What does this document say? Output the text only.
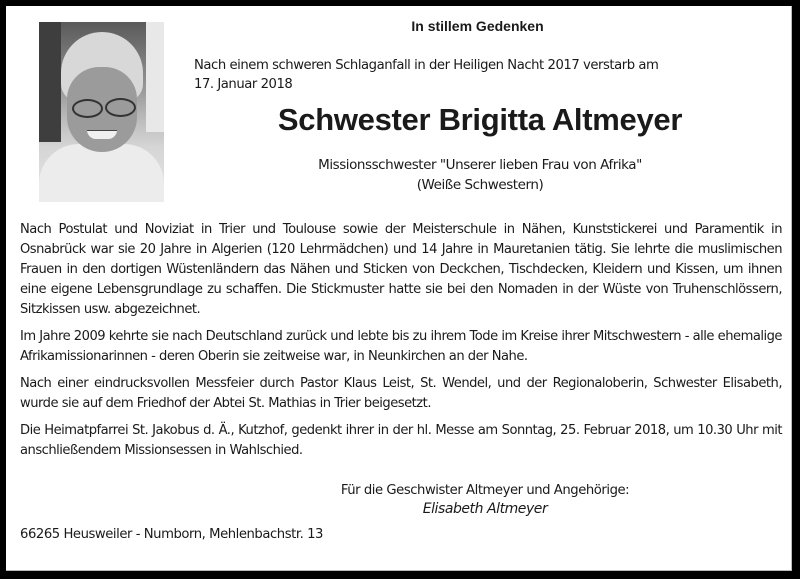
In stillem Gedenken
Nach einem schweren Schlaganfall in der Heiligen Nacht 2017 verstarb am
17. Januar 2018
Schwester Brigitta Altmeyer
Missionsschwester "Unserer lieben Frau von Afrika"
(Weiße Schwestern)

Nach Postulat und Noviziat in Trier und Toulouse sowie der Meisterschule in Nähen, Kunststickerei und Paramentik in Osnabrück war sie 20 Jahre in Algerien (120 Lehrmädchen) und 14 Jahre in Mauretanien tätig. Sie lehrte die muslimischen Frauen in den dortigen Wüstenländern das Nähen und Sticken von Deckchen, Tischdecken, Kleidern und Kissen, um ihnen eine eigene Lebensgrundlage zu schaffen. Die Stickmuster hatte sie bei den Nomaden in der Wüste von Truhenschlössern, Sitzkissen usw. abgezeichnet.

Im Jahre 2009 kehrte sie nach Deutschland zurück und lebte bis zu ihrem Tode im Kreise ihrer Mitschwestern - alle ehemalige Afrikamissionarinnen - deren Oberin sie zeitweise war, in Neunkirchen an der Nahe.

Nach einer eindrucksvollen Messfeier durch Pastor Klaus Leist, St. Wendel, und der Regionaloberin, Schwester Elisabeth, wurde sie auf dem Friedhof der Abtei St. Mathias in Trier beigesetzt.

Die Heimatpfarrei St. Jakobus d. Ä., Kutzhof, gedenkt ihrer in der hl. Messe am Sonntag, 25. Februar 2018, um 10.30 Uhr mit anschließendem Missionsessen in Wahlschied.

Für die Geschwister Altmeyer und Angehörige:
Elisabeth Altmeyer
66265 Heusweiler - Numborn, Mehlenbachstr. 13
